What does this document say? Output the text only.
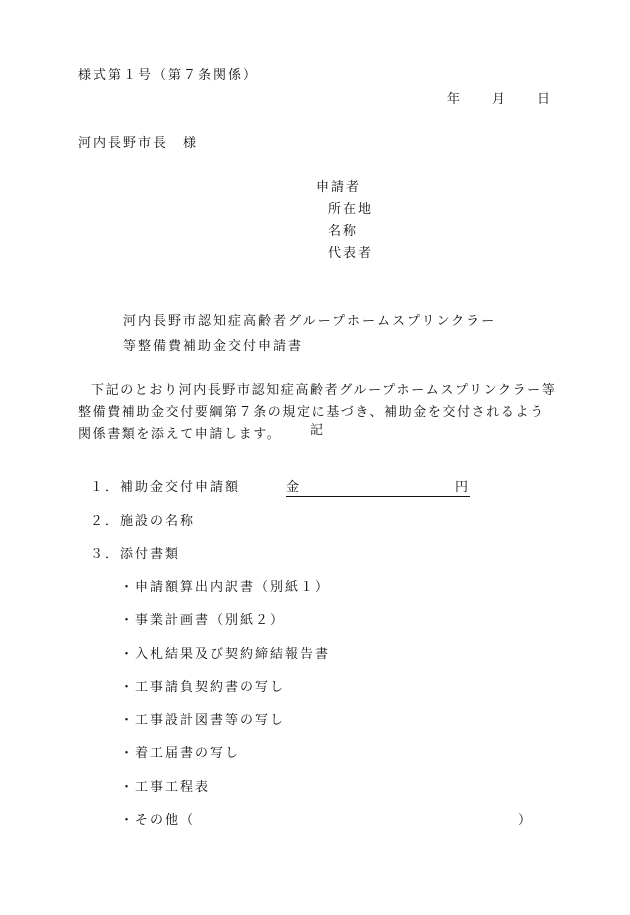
様式第１号（第７条関係）
年 月 日
河内長野市長　様
申請者
所在地
名称
代表者
河内長野市認知症高齢者グループホームスプリンクラー
等整備費補助金交付申請書
下記のとおり河内長野市認知症高齢者グループホームスプリンクラー等整備費補助金交付要綱第７条の規定に基づき、補助金を交付されるよう関係書類を添えて申請します。	記
１．補助金交付申請額	金	円
２．施設の名称
３．添付書類
・申請額算出内訳書（別紙１）
・事業計画書（別紙２）
・入札結果及び契約締結報告書
・工事請負契約書の写し
・工事設計図書等の写し
・着工届書の写し
・工事工程表
・その他（	）
